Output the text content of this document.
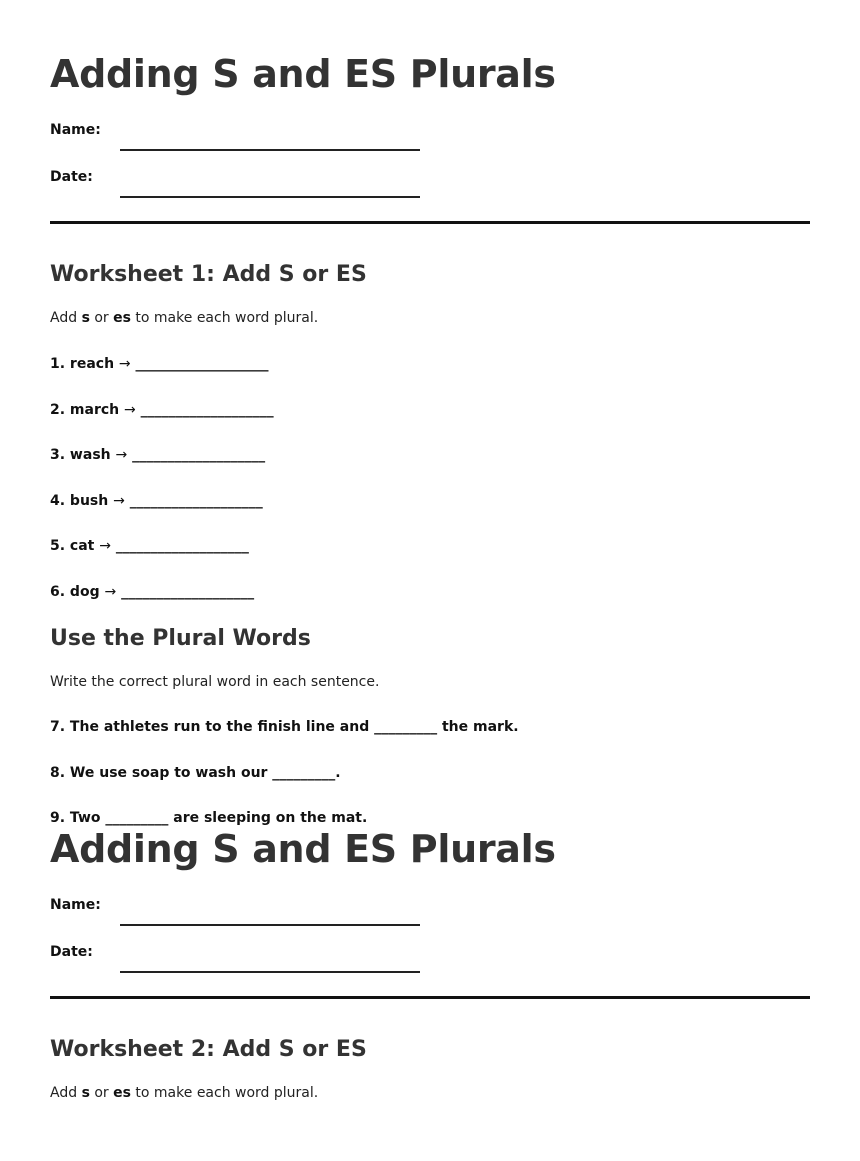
Adding S and ES Plurals
Name:
Date:
Worksheet 1: Add S or ES

Add s or es to make each word plural.

1. reach → ___________________

2. march → ___________________

3. wash → ___________________

4. bush → ___________________

5. cat → ___________________

6. dog → ___________________

Use the Plural Words

Write the correct plural word in each sentence.

7. The athletes run to the finish line and _________ the mark.

8. We use soap to wash our _________.

9. Two _________ are sleeping on the mat.

Adding S and ES Plurals
Name:
Date:
Worksheet 2: Add S or ES

Add s or es to make each word plural.
